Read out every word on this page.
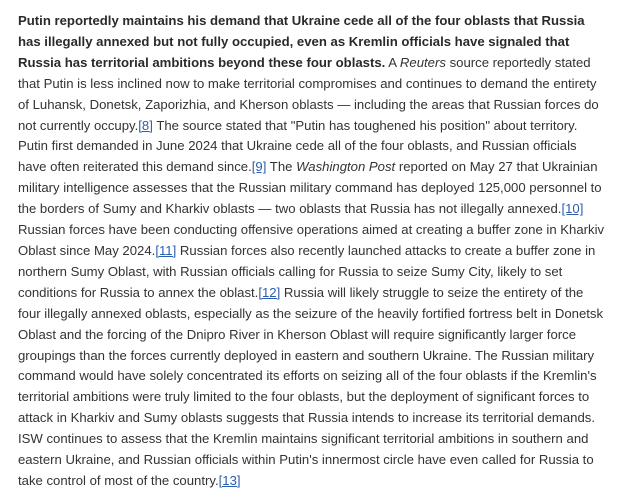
Putin reportedly maintains his demand that Ukraine cede all of the four oblasts that Russia has illegally annexed but not fully occupied, even as Kremlin officials have signaled that Russia has territorial ambitions beyond these four oblasts. A Reuters source reportedly stated that Putin is less inclined now to make territorial compromises and continues to demand the entirety of Luhansk, Donetsk, Zaporizhia, and Kherson oblasts — including the areas that Russian forces do not currently occupy.[8] The source stated that "Putin has toughened his position" about territory. Putin first demanded in June 2024 that Ukraine cede all of the four oblasts, and Russian officials have often reiterated this demand since.[9] The Washington Post reported on May 27 that Ukrainian military intelligence assesses that the Russian military command has deployed 125,000 personnel to the borders of Sumy and Kharkiv oblasts — two oblasts that Russia has not illegally annexed.[10] Russian forces have been conducting offensive operations aimed at creating a buffer zone in Kharkiv Oblast since May 2024.[11] Russian forces also recently launched attacks to create a buffer zone in northern Sumy Oblast, with Russian officials calling for Russia to seize Sumy City, likely to set conditions for Russia to annex the oblast.[12] Russia will likely struggle to seize the entirety of the four illegally annexed oblasts, especially as the seizure of the heavily fortified fortress belt in Donetsk Oblast and the forcing of the Dnipro River in Kherson Oblast will require significantly larger force groupings than the forces currently deployed in eastern and southern Ukraine. The Russian military command would have solely concentrated its efforts on seizing all of the four oblasts if the Kremlin's territorial ambitions were truly limited to the four oblasts, but the deployment of significant forces to attack in Kharkiv and Sumy oblasts suggests that Russia intends to increase its territorial demands. ISW continues to assess that the Kremlin maintains significant territorial ambitions in southern and eastern Ukraine, and Russian officials within Putin's innermost circle have even called for Russia to take control of most of the country.[13]
